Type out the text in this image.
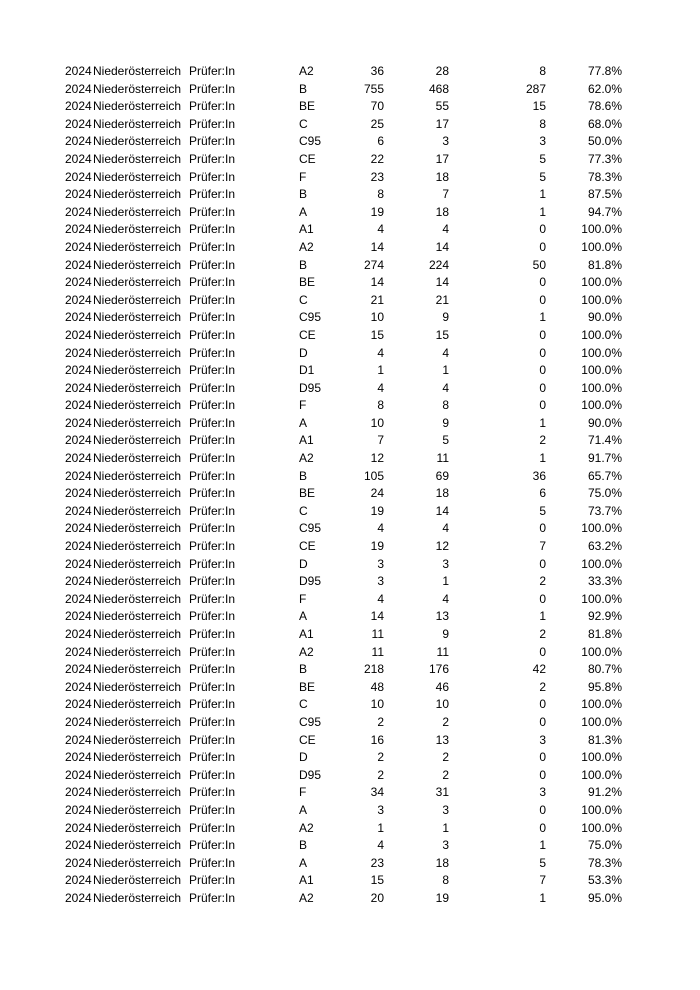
2024 Niederösterreich Prüfer:In	A2	36	28	8	77.8%
2024 Niederösterreich Prüfer:In	B	755	468	287	62.0%
2024 Niederösterreich Prüfer:In	BE	70	55	15	78.6%
2024 Niederösterreich Prüfer:In	C	25	17	8	68.0%
2024 Niederösterreich Prüfer:In	C95	6	3	3	50.0%
2024 Niederösterreich Prüfer:In	CE	22	17	5	77.3%
2024 Niederösterreich Prüfer:In	F	23	18	5	78.3%
2024 Niederösterreich Prüfer:In	B	8	7	1	87.5%
2024 Niederösterreich Prüfer:In	A	19	18	1	94.7%
2024 Niederösterreich Prüfer:In	A1	4	4	0	100.0%
2024 Niederösterreich Prüfer:In	A2	14	14	0	100.0%
2024 Niederösterreich Prüfer:In	B	274	224	50	81.8%
2024 Niederösterreich Prüfer:In	BE	14	14	0	100.0%
2024 Niederösterreich Prüfer:In	C	21	21	0	100.0%
2024 Niederösterreich Prüfer:In	C95	10	9	1	90.0%
2024 Niederösterreich Prüfer:In	CE	15	15	0	100.0%
2024 Niederösterreich Prüfer:In	D	4	4	0	100.0%
2024 Niederösterreich Prüfer:In	D1	1	1	0	100.0%
2024 Niederösterreich Prüfer:In	D95	4	4	0	100.0%
2024 Niederösterreich Prüfer:In	F	8	8	0	100.0%
2024 Niederösterreich Prüfer:In	A	10	9	1	90.0%
2024 Niederösterreich Prüfer:In	A1	7	5	2	71.4%
2024 Niederösterreich Prüfer:In	A2	12	11	1	91.7%
2024 Niederösterreich Prüfer:In	B	105	69	36	65.7%
2024 Niederösterreich Prüfer:In	BE	24	18	6	75.0%
2024 Niederösterreich Prüfer:In	C	19	14	5	73.7%
2024 Niederösterreich Prüfer:In	C95	4	4	0	100.0%
2024 Niederösterreich Prüfer:In	CE	19	12	7	63.2%
2024 Niederösterreich Prüfer:In	D	3	3	0	100.0%
2024 Niederösterreich Prüfer:In	D95	3	1	2	33.3%
2024 Niederösterreich Prüfer:In	F	4	4	0	100.0%
2024 Niederösterreich Prüfer:In	A	14	13	1	92.9%
2024 Niederösterreich Prüfer:In	A1	11	9	2	81.8%
2024 Niederösterreich Prüfer:In	A2	11	11	0	100.0%
2024 Niederösterreich Prüfer:In	B	218	176	42	80.7%
2024 Niederösterreich Prüfer:In	BE	48	46	2	95.8%
2024 Niederösterreich Prüfer:In	C	10	10	0	100.0%
2024 Niederösterreich Prüfer:In	C95	2	2	0	100.0%
2024 Niederösterreich Prüfer:In	CE	16	13	3	81.3%
2024 Niederösterreich Prüfer:In	D	2	2	0	100.0%
2024 Niederösterreich Prüfer:In	D95	2	2	0	100.0%
2024 Niederösterreich Prüfer:In	F	34	31	3	91.2%
2024 Niederösterreich Prüfer:In	A	3	3	0	100.0%
2024 Niederösterreich Prüfer:In	A2	1	1	0	100.0%
2024 Niederösterreich Prüfer:In	B	4	3	1	75.0%
2024 Niederösterreich Prüfer:In	A	23	18	5	78.3%
2024 Niederösterreich Prüfer:In	A1	15	8	7	53.3%
2024 Niederösterreich Prüfer:In	A2	20	19	1	95.0%
